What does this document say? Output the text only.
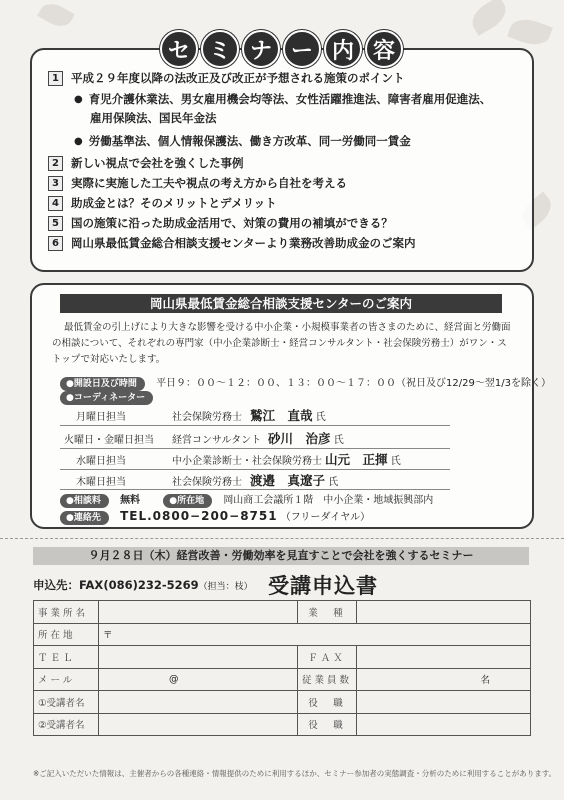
セ ミ ナ ー 内 容
1	平成２９年度以降の法改正及び改正が予想される施策のポイント
● 育児介護休業法、男女雇用機会均等法、女性活躍推進法、障害者雇用促進法、
雇用保険法、国民年金法
● 労働基準法、個人情報保護法、働き方改革、同一労働同一賃金
2	新しい視点で会社を強くした事例
3	実際に実施した工夫や視点の考え方から自社を考える
4	助成金とは？そのメリットとデメリット
5	国の施策に沿った助成金活用で、対策の費用の補填ができる？
6	岡山県最低賃金総合相談支援センターより業務改善助成金のご案内
岡山県最低賃金総合相談支援センターのご案内
最低賃金の引上げにより大きな影響を受ける中小企業・小規模事業者の皆さまのために、経営面と労働面の相談について、それぞれの専門家（中小企業診断士・経営コンサルタント・社会保険労務士）がワン・ストップで対応いたします。
●開設日及び時間 平日９：００～１２：００、１３：００～１７：００（祝日及び12/29～翌1/3を除く）
●コーディネーター
月曜日担当	社会保険労務士 鷲江　直哉 氏
火曜日・金曜日担当 経営コンサルタント 砂川　治彦 氏
水曜日担当	中小企業診断士・社会保険労務士 山元　正揮 氏
木曜日担当	社会保険労務士 渡邉　真遼子 氏
●相談料 無料	●所在地 岡山商工会議所１階　中小企業・地域振興部内
●連絡先 TEL.0800−200−8751 （フリーダイヤル）
９月２８日（木）経営改善・労働効率を見直すことで会社を強くするセミナー
申込先：FAX(086)232-5269（担当：枝） 受講申込書
事業所名		業　種	
所在地	〒		
ＴＥＬ		ＦＡＸ	
メール	@	従業員数	名
①受講者名		役　職	
②受講者名		役　職	
※ご記入いただいた情報は、主催者からの各種連絡・情報提供のために利用するほか、セミナー参加者の実態調査・分析のために利用することがあります。
